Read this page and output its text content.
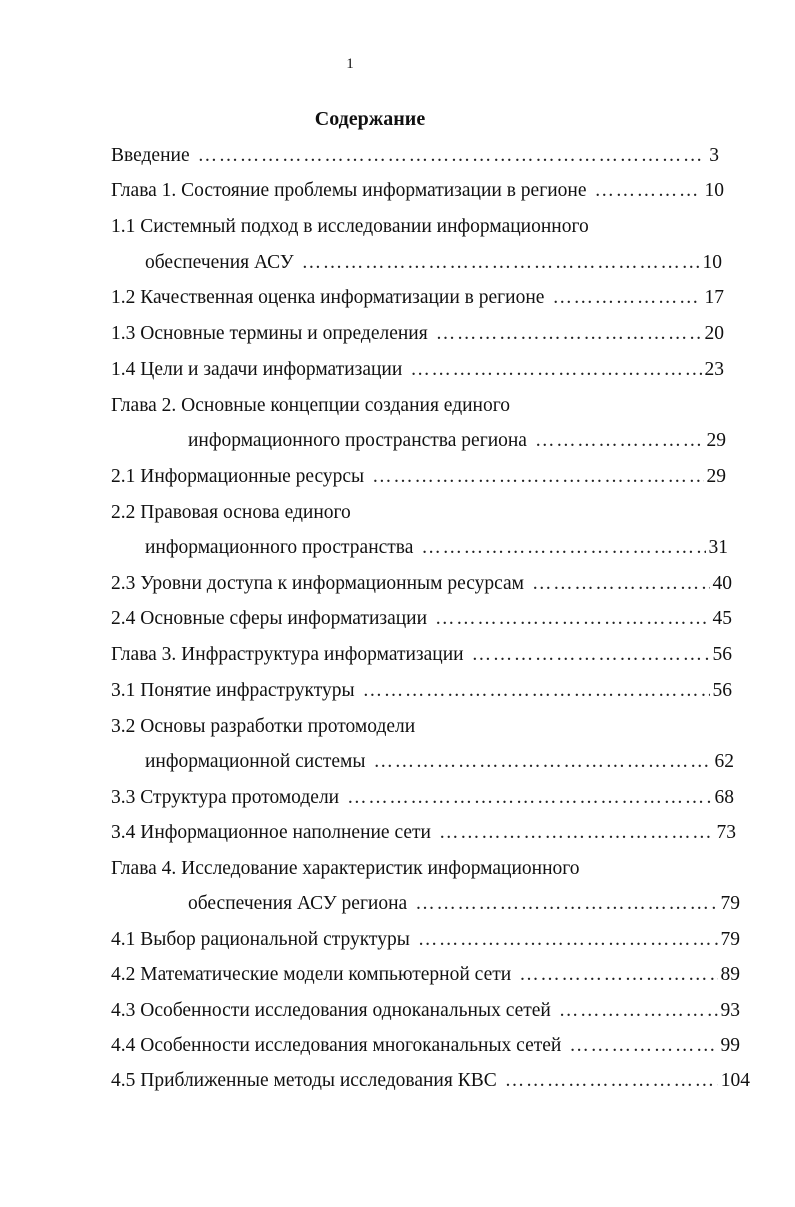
1
Содержание
Введение ……………………………………………………………………………………………………………………………………………………	3
Глава 1. Состояние проблемы информатизации в регионе ……………………………………………………………………………………………………………………………………………………	10
1.1 Системный подход в исследовании информационного
обеспечения АСУ ……………………………………………………………………………………………………………………………………………………	10
1.2 Качественная оценка информатизации в регионе ……………………………………………………………………………………………………………………………………………………	17
1.3 Основные термины и определения ……………………………………………………………………………………………………………………………………………………	20
1.4 Цели и задачи информатизации ……………………………………………………………………………………………………………………………………………………	23
Глава 2. Основные концепции создания единого
информационного пространства региона ……………………………………………………………………………………………………………………………………………………	29
2.1 Информационные ресурсы ……………………………………………………………………………………………………………………………………………………	29
2.2 Правовая основа единого
информационного пространства ……………………………………………………………………………………………………………………………………………………	31
2.3 Уровни доступа к информационным ресурсам ……………………………………………………………………………………………………………………………………………………	40
2.4 Основные сферы информатизации ……………………………………………………………………………………………………………………………………………………	45
Глава 3. Инфраструктура информатизации ……………………………………………………………………………………………………………………………………………………	56
3.1 Понятие инфраструктуры ……………………………………………………………………………………………………………………………………………………	56
3.2 Основы разработки протомодели
информационной системы ……………………………………………………………………………………………………………………………………………………	62
3.3 Структура протомодели ……………………………………………………………………………………………………………………………………………………	68
3.4 Информационное наполнение сети ……………………………………………………………………………………………………………………………………………………	73
Глава 4. Исследование характеристик информационного
обеспечения АСУ региона ……………………………………………………………………………………………………………………………………………………	79
4.1 Выбор рациональной структуры ……………………………………………………………………………………………………………………………………………………	79
4.2 Математические модели компьютерной сети ……………………………………………………………………………………………………………………………………………………	89
4.3 Особенности исследования одноканальных сетей ……………………………………………………………………………………………………………………………………………………	93
4.4 Особенности исследования многоканальных сетей ……………………………………………………………………………………………………………………………………………………	99
4.5 Приближенные методы исследования КВС ……………………………………………………………………………………………………………………………………………………	104
